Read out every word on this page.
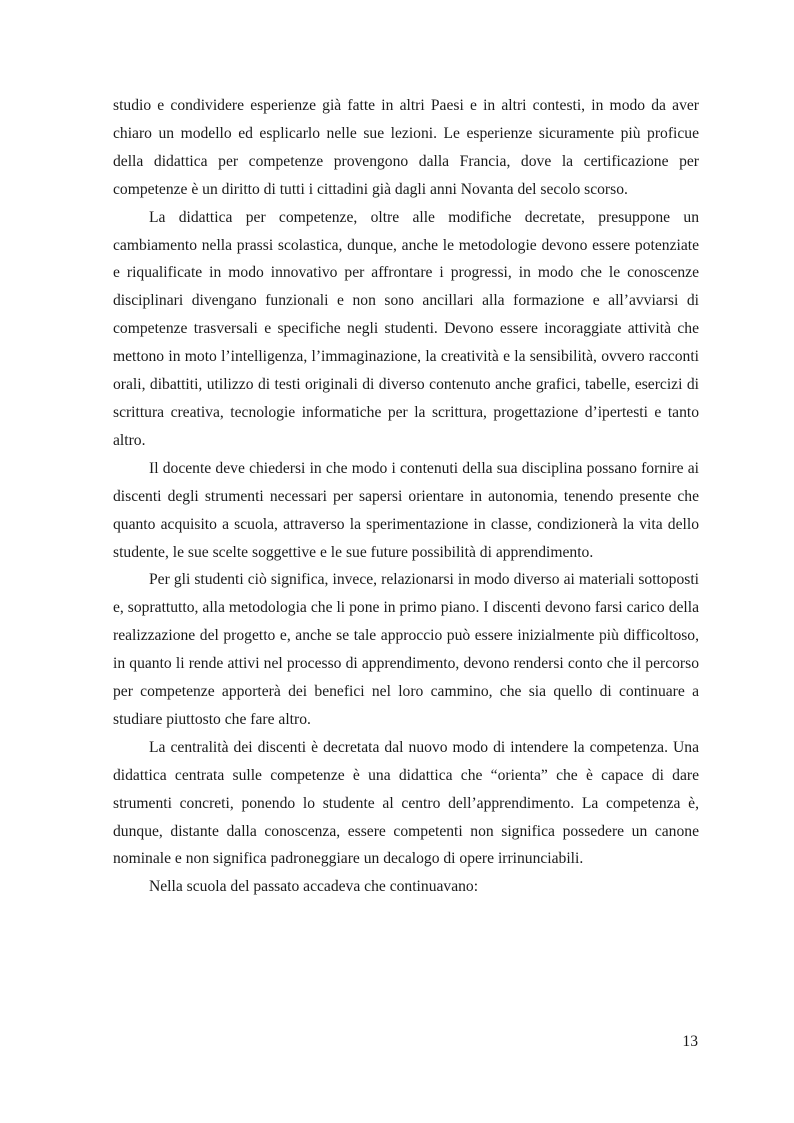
studio e condividere esperienze già fatte in altri Paesi e in altri contesti, in modo da aver chiaro un modello ed esplicarlo nelle sue lezioni. Le esperienze sicuramente più proficue della didattica per competenze provengono dalla Francia, dove la certificazione per competenze è un diritto di tutti i cittadini già dagli anni Novanta del secolo scorso.

La didattica per competenze, oltre alle modifiche decretate, presuppone un cambiamento nella prassi scolastica, dunque, anche le metodologie devono essere potenziate e riqualificate in modo innovativo per affrontare i progressi, in modo che le conoscenze disciplinari divengano funzionali e non sono ancillari alla formazione e all’avviarsi di competenze trasversali e specifiche negli studenti. Devono essere incoraggiate attività che mettono in moto l’intelligenza, l’immaginazione, la creatività e la sensibilità, ovvero racconti orali, dibattiti, utilizzo di testi originali di diverso contenuto anche grafici, tabelle, esercizi di scrittura creativa, tecnologie informatiche per la scrittura, progettazione d’ipertesti e tanto altro.

Il docente deve chiedersi in che modo i contenuti della sua disciplina possano fornire ai discenti degli strumenti necessari per sapersi orientare in autonomia, tenendo presente che quanto acquisito a scuola, attraverso la sperimentazione in classe, condizionerà la vita dello studente, le sue scelte soggettive e le sue future possibilità di apprendimento.

Per gli studenti ciò significa, invece, relazionarsi in modo diverso ai materiali sottoposti e, soprattutto, alla metodologia che li pone in primo piano. I discenti devono farsi carico della realizzazione del progetto e, anche se tale approccio può essere inizialmente più difficoltoso, in quanto li rende attivi nel processo di apprendimento, devono rendersi conto che il percorso per competenze apporterà dei benefici nel loro cammino, che sia quello di continuare a studiare piuttosto che fare altro.

La centralità dei discenti è decretata dal nuovo modo di intendere la competenza. Una didattica centrata sulle competenze è una didattica che “orienta” che è capace di dare strumenti concreti, ponendo lo studente al centro dell’apprendimento. La competenza è, dunque, distante dalla conoscenza, essere competenti non significa possedere un canone nominale e non significa padroneggiare un decalogo di opere irrinunciabili.

Nella scuola del passato accadeva che continuavano:

13
